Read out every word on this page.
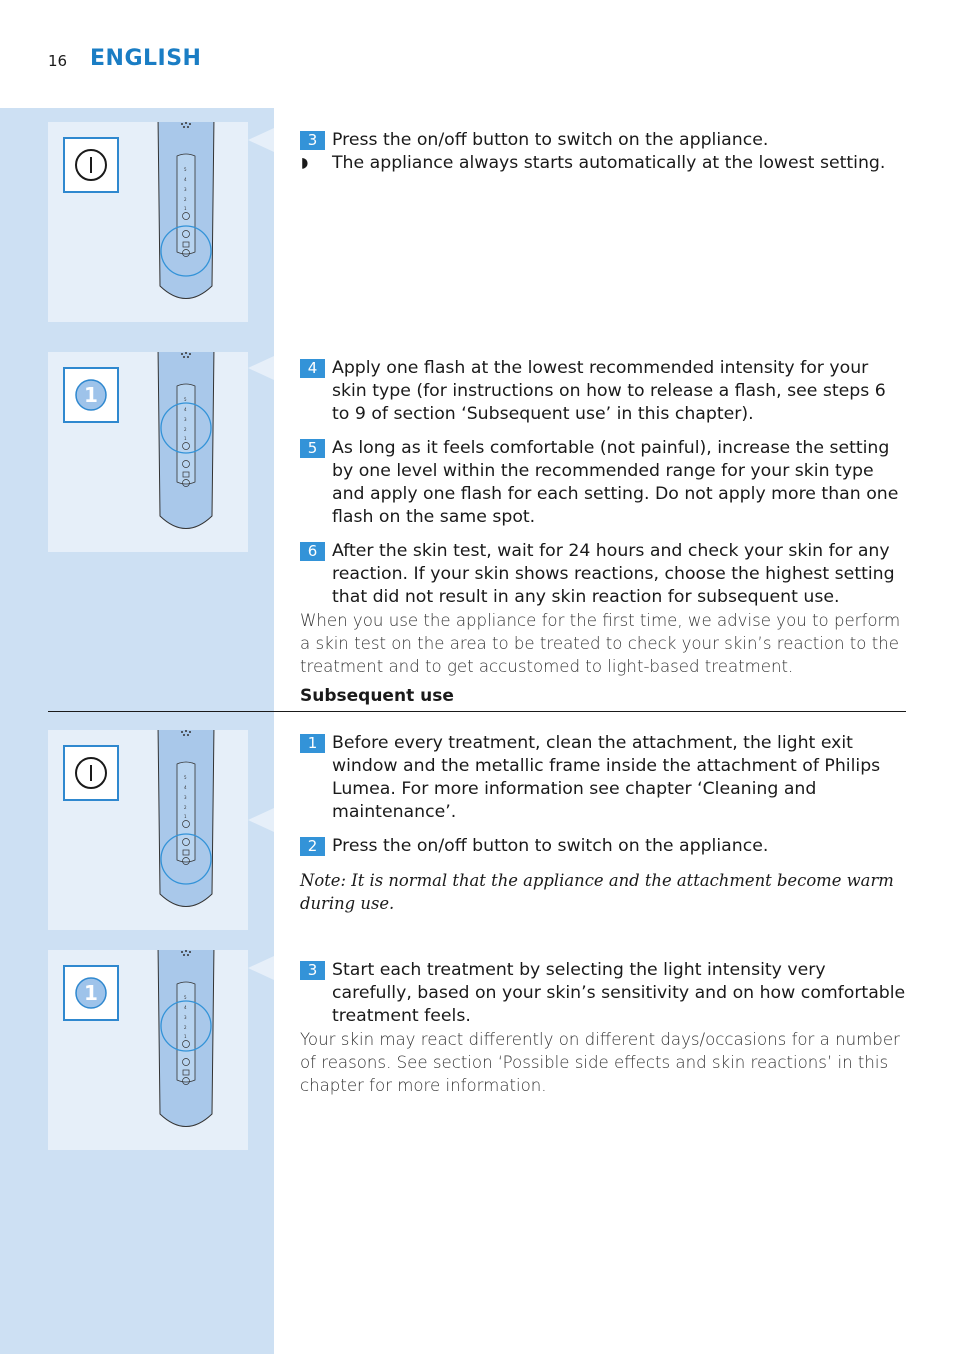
16 ENGLISH
5
4
3
2
1
1	5
4
3
2
1
5
4
3
2
1
1	5
4
3
2
1

3 Press the on/off button to switch on the appliance.

◗ The appliance always starts automatically at the lowest setting.

4 Apply one flash at the lowest recommended intensity for your skin type (for instructions on how to release a flash, see steps 6 to 9 of section ‘Subsequent use’ in this chapter).

5 As long as it feels comfortable (not painful), increase the setting by one level within the recommended range for your skin type and apply one flash for each setting. Do not apply more than one flash on the same spot.

6 After the skin test, wait for 24 hours and check your skin for any reaction. If your skin shows reactions, choose the highest setting that did not result in any skin reaction for subsequent use.

When you use the appliance for the first time, we advise you to perform a skin test on the area to be treated to check your skin’s reaction to the treatment and to get accustomed to light-based treatment.

Subsequent use

1 Before every treatment, clean the attachment, the light exit window and the metallic frame inside the attachment of Philips Lumea. For more information see chapter ‘Cleaning and maintenance’.

2 Press the on/off button to switch on the appliance.

Note: It is normal that the appliance and the attachment become warm during use.

3 Start each treatment by selecting the light intensity very carefully, based on your skin’s sensitivity and on how comfortable treatment feels.

Your skin may react differently on different days/occasions for a number of reasons. See section ‘Possible side effects and skin reactions’ in this chapter for more information.
